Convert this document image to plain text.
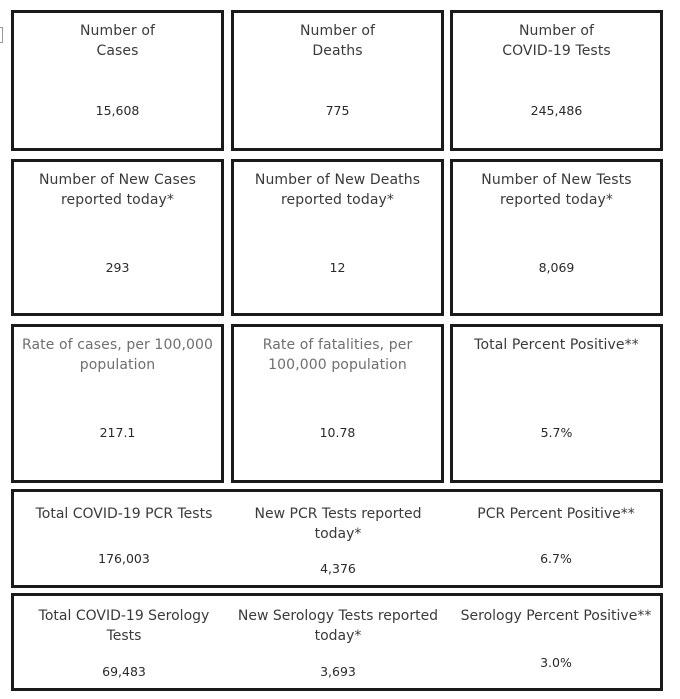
Number of
Cases
15,608
Number of
Deaths
775
Number of
COVID-19 Tests
245,486
Number of New Cases
reported today*
293
Number of New Deaths
reported today*
12
Number of New Tests
reported today*
8,069
Rate of cases, per 100,000
population
217.1
Rate of fatalities, per
100,000 population
10.78
Total Percent Positive**
5.7%
Total COVID-19 PCR Tests
176,003
New PCR Tests reported
today*
4,376
PCR Percent Positive**
6.7%
Total COVID-19 Serology
Tests
69,483
New Serology Tests reported
today*
3,693
Serology Percent Positive**
3.0%
